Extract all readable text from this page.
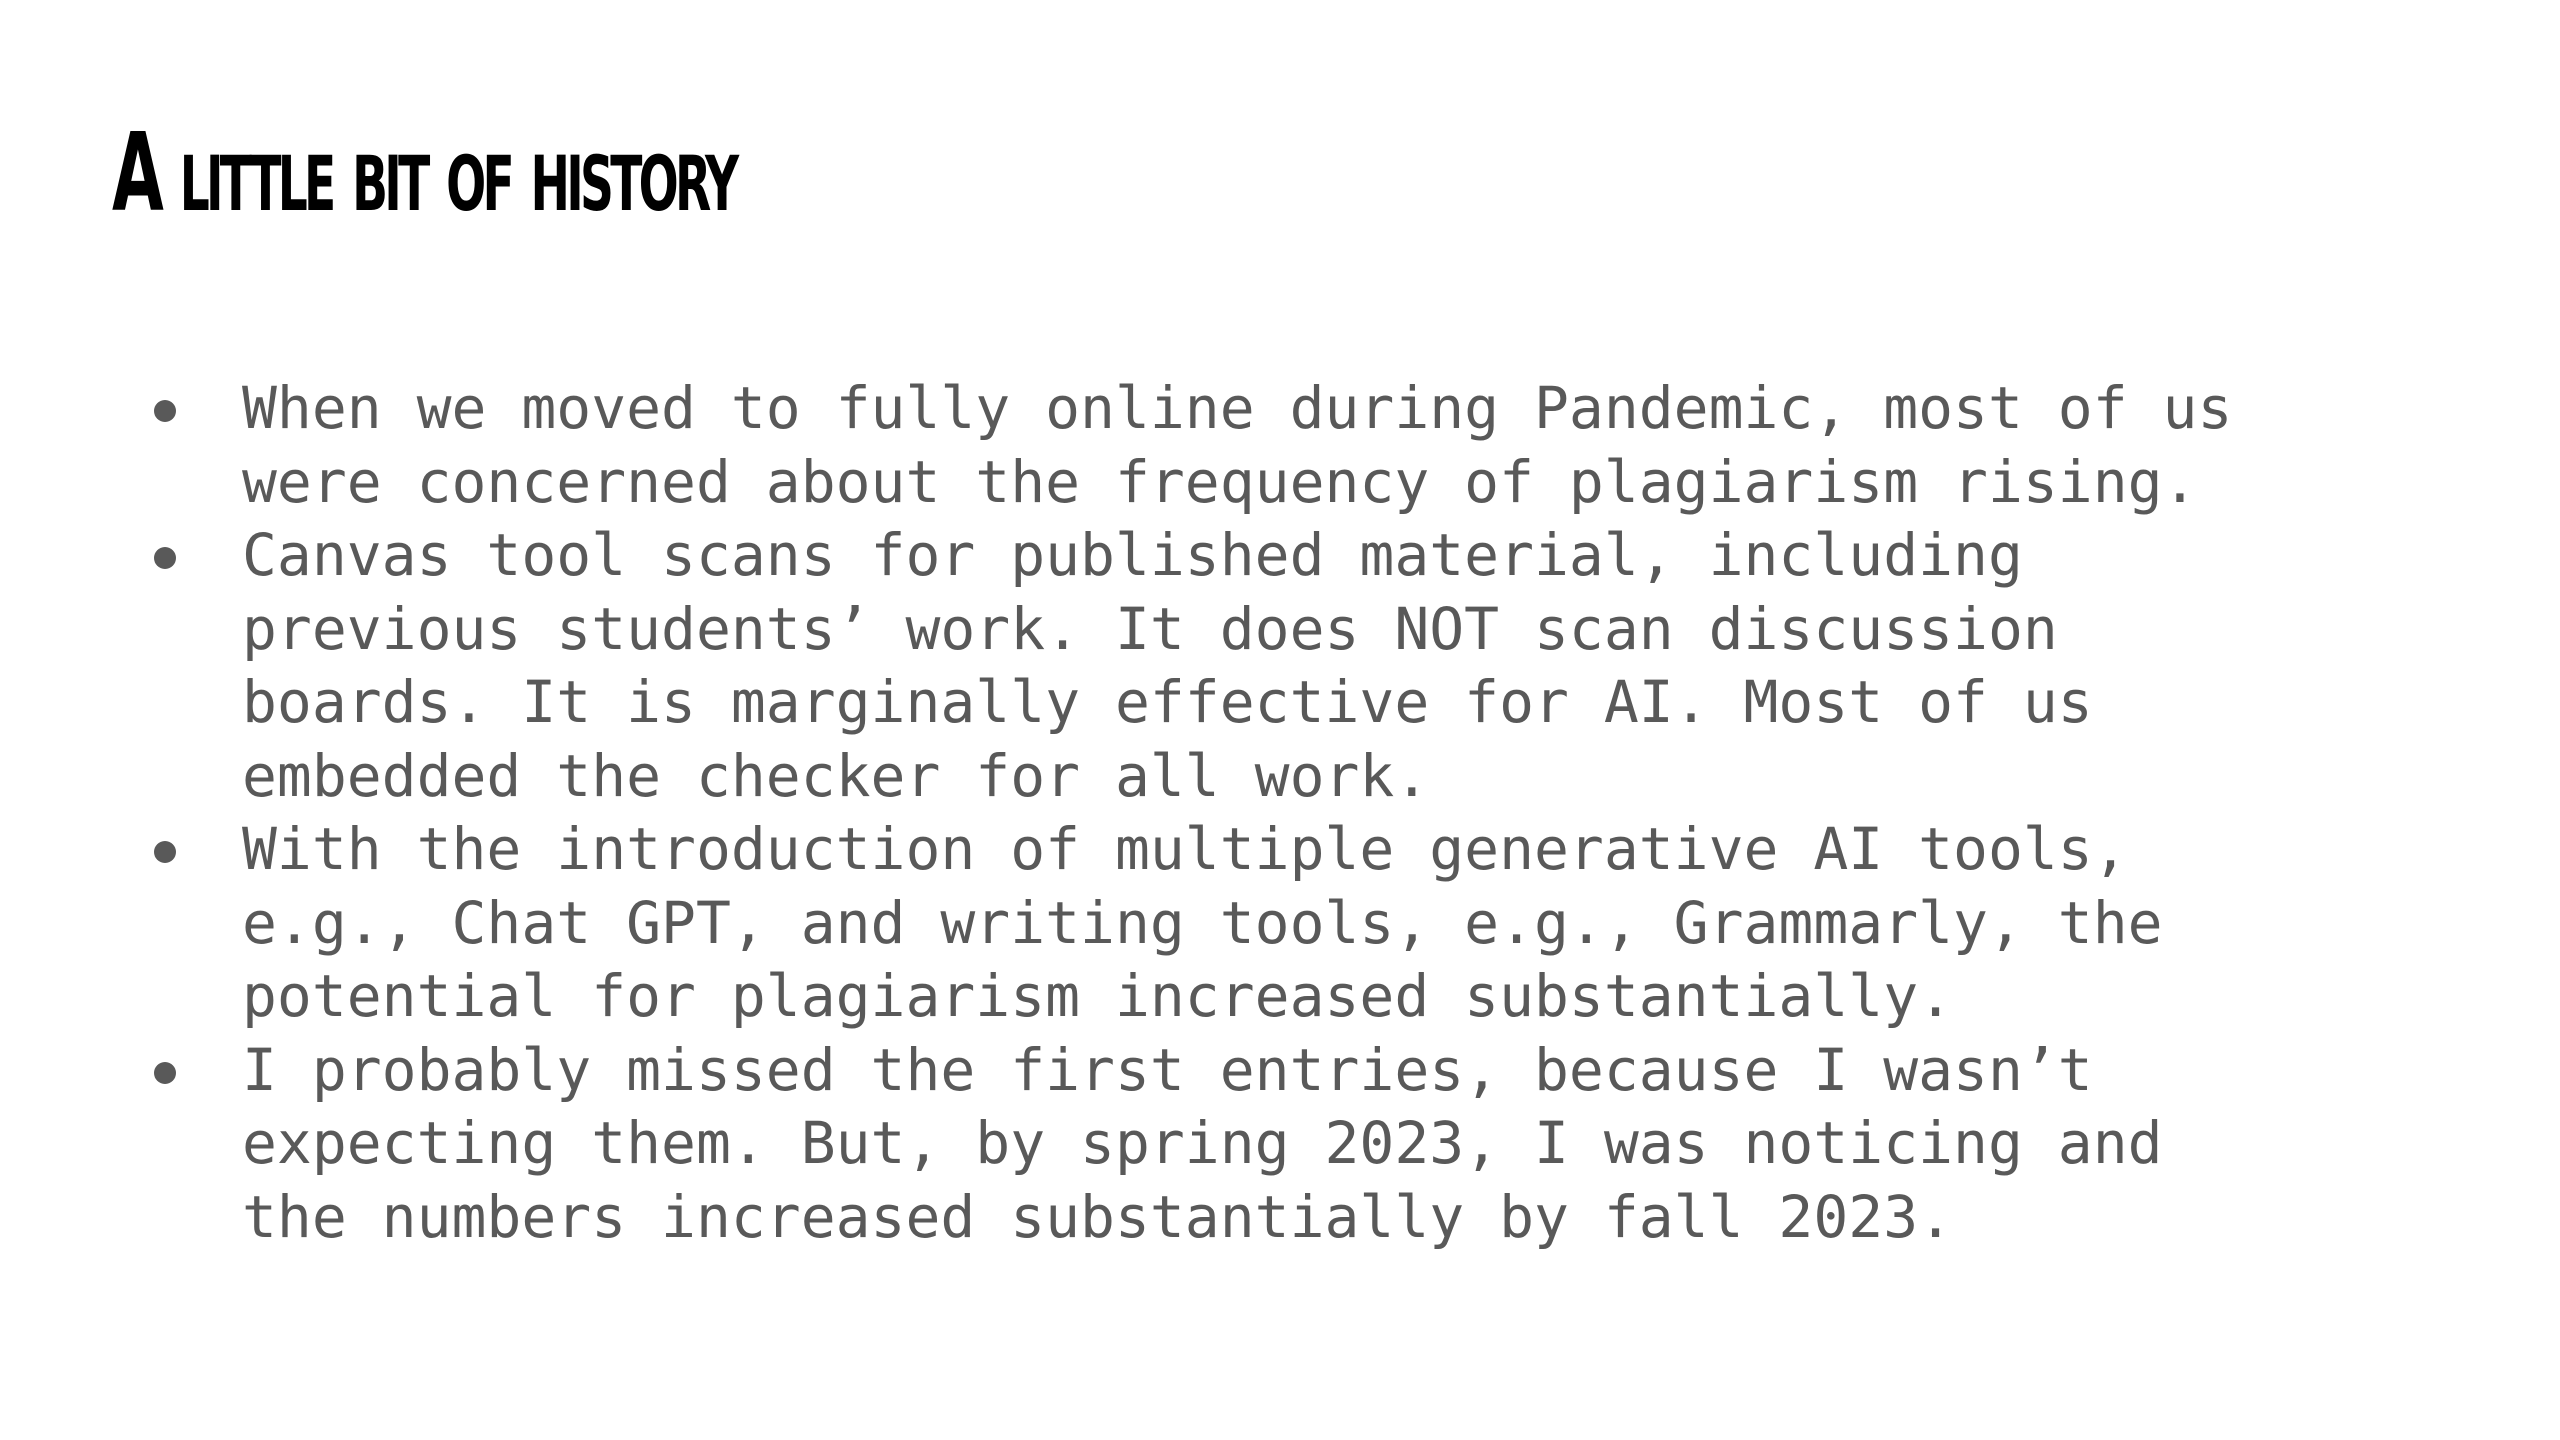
A little bit of history
When we moved to fully online during Pandemic, most of us
were concerned about the frequency of plagiarism rising.
Canvas tool scans for published material, including
previous students’ work. It does NOT scan discussion
boards. It is marginally effective for AI. Most of us
embedded the checker for all work.
With the introduction of multiple generative AI tools,
e.g., Chat GPT, and writing tools, e.g., Grammarly, the
potential for plagiarism increased substantially.
I probably missed the first entries, because I wasn’t
expecting them. But, by spring 2023, I was noticing and
the numbers increased substantially by fall 2023.
